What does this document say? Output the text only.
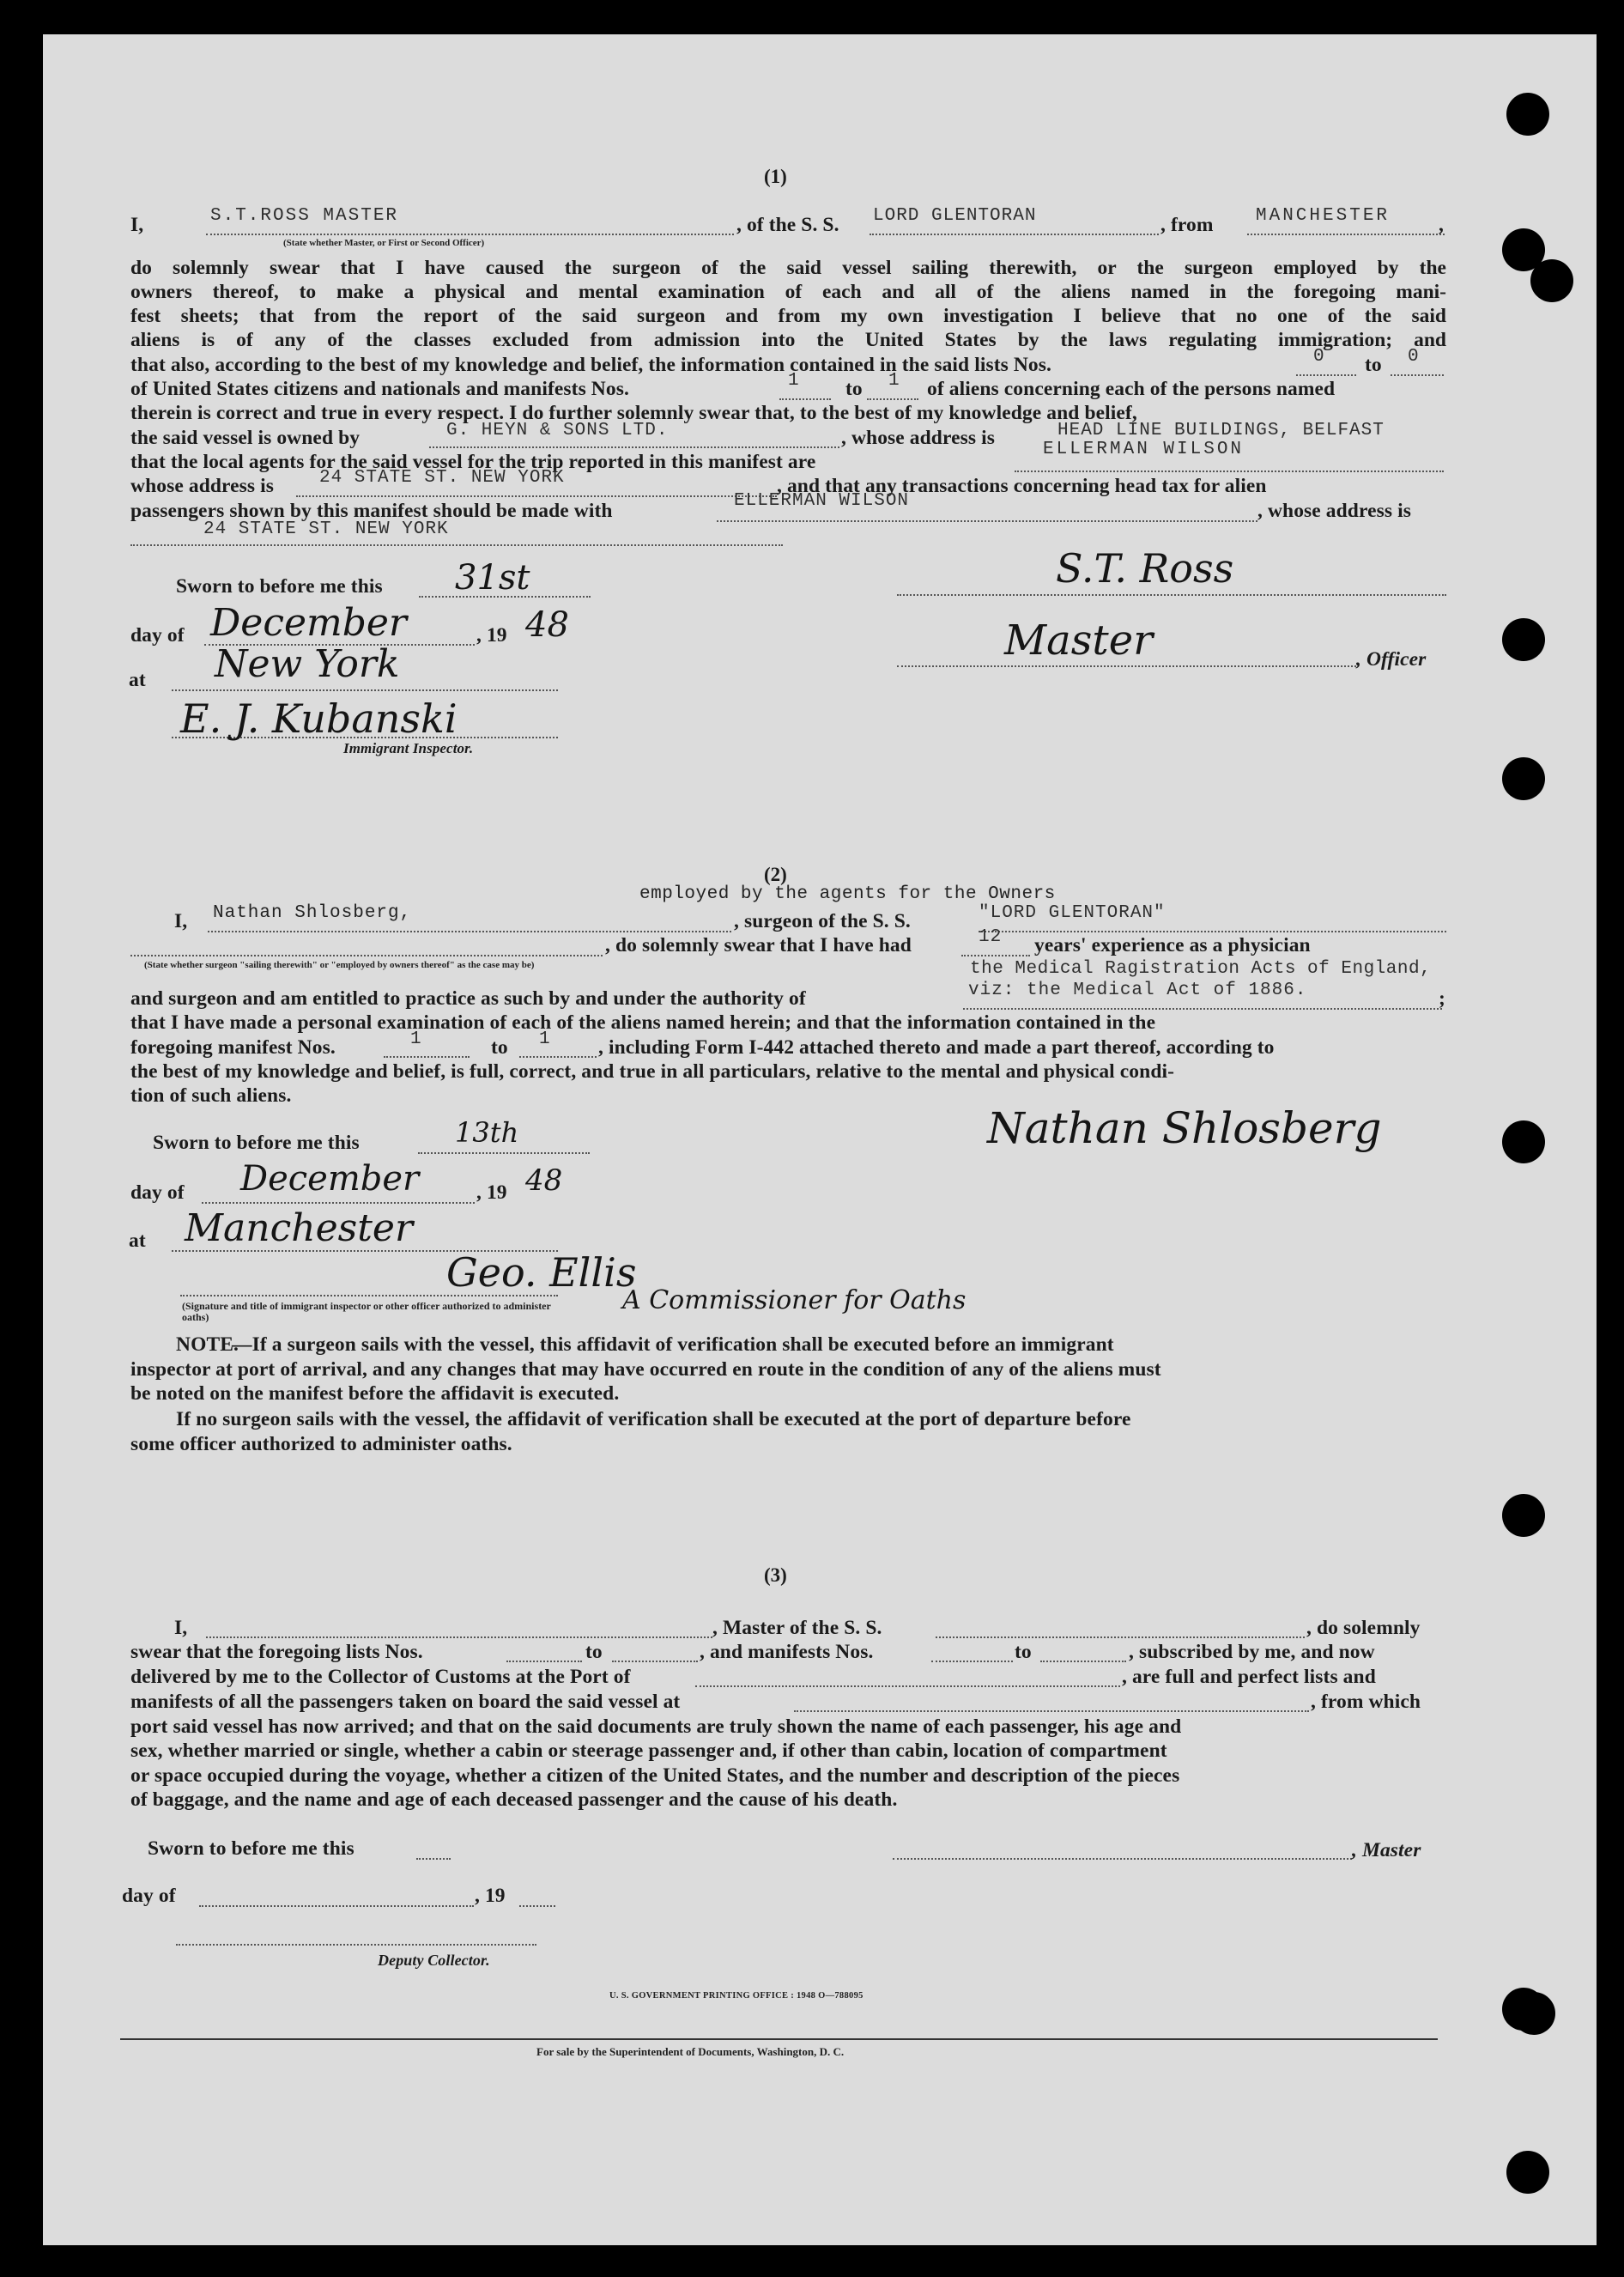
(1)
I,	S.T.ROSS MASTER
(State whether Master, or First or Second Officer)
, of the S. S. LORD GLENTORAN	, from MANCHESTER ,
do solemnly swear that I have caused the surgeon of the said vessel sailing therewith, or the surgeon employed by the
owners thereof, to make a physical and mental examination of each and all of the aliens named in the foregoing mani-
fest sheets; that from the report of the said surgeon and from my own investigation I believe that no one of the said
aliens is of any of the classes excluded from admission into the United States by the laws regulating immigration; and
that also, according to the best of my knowledge and belief, the information contained in the said lists Nos.	0 to 0
of United States citizens and nationals and manifests Nos.	1 to 1 of aliens concerning each of the persons named
therein is correct and true in every respect. I do further solemnly swear that, to the best of my knowledge and belief,
the said vessel is owned by	G. HEYN & SONS LTD.	, whose address is	HEAD LINE BUILDINGS, BELFAST
that the local agents for the said vessel for the trip reported in this manifest are
ELLERMAN WILSON
whose address is	24 STATE ST. NEW YORK	, and that any transactions concerning head tax for alien
passengers shown by this manifest should be made with	ELLERMAN WILSON	, whose address is
24 STATE ST. NEW YORK
Sworn to before me this 31st
day of December	, 19 48
at New York
E. J. Kubanski
Immigrant Inspector.
S.T. Ross
Master	, Officer
(2)
employed by the agents for the Owners
I, Nathan Shlosberg,	, surgeon of the S. S.	"LORD GLENTORAN"
, do solemnly swear that I have had	12 years' experience as a physician
(State whether surgeon "sailing therewith" or "employed by owners thereof" as the case may be)	the Medical Ragistration Acts of England,
and surgeon and am entitled to practice as such by and under the authority of	viz: the Medical Act of 1886.	;
that I have made a personal examination of each of the aliens named herein; and that the information contained in the
foregoing manifest Nos.	1	to 1 , including Form I-442 attached thereto and made a part thereof, according to
the best of my knowledge and belief, is full, correct, and true in all particulars, relative to the mental and physical condi-
tion of such aliens.
Nathan Shlosberg
Sworn to before me this	13th
day of December	, 19 48
at Manchester
Geo. Ellis
A Commissioner for Oaths
(Signature and title of immigrant inspector or other officer authorized to administer oaths)
NOTE.
—If a surgeon sails with the vessel, this affidavit of verification shall be executed before an immigrant
inspector at port of arrival, and any changes that may have occurred en route in the condition of any of the aliens must
be noted on the manifest before the affidavit is executed.
If no surgeon sails with the vessel, the affidavit of verification shall be executed at the port of departure before
some officer authorized to administer oaths.
(3)
I,	, Master of the S. S.	, do solemnly
swear that the foregoing lists Nos.	to	, and manifests Nos.	to	, subscribed by me, and now
delivered by me to the Collector of Customs at the Port of	, are full and perfect lists and
manifests of all the passengers taken on board the said vessel at	, from which
port said vessel has now arrived; and that on the said documents are truly shown the name of each passenger, his age and
sex, whether married or single, whether a cabin or steerage passenger and, if other than cabin, location of compartment
or space occupied during the voyage, whether a citizen of the United States, and the number and description of the pieces
of baggage, and the name and age of each deceased passenger and the cause of his death.
Sworn to before me this	, Master
day of	, 19
Deputy Collector.
U. S. GOVERNMENT PRINTING OFFICE : 1948 O—788095
For sale by the Superintendent of Documents, Washington, D. C.
